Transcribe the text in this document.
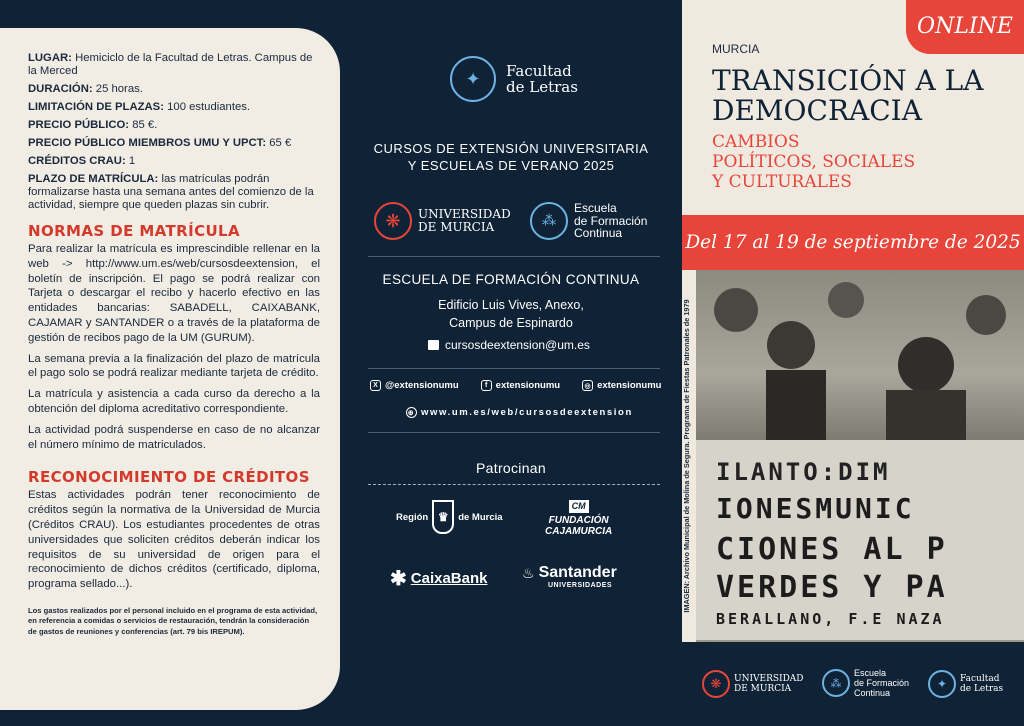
LUGAR: Hemiciclo de la Facultad de Letras. Campus de la Merced

DURACIÓN: 25 horas.

LIMITACIÓN DE PLAZAS: 100 estudiantes.

PRECIO PÚBLICO: 85 €.

PRECIO PÚBLICO MIEMBROS UMU Y UPCT: 65 €

CRÉDITOS CRAU: 1

PLAZO DE MATRÍCULA: las matrículas podrán formalizarse hasta una semana antes del comienzo de la actividad, siempre que queden plazas sin cubrir.

NORMAS DE MATRÍCULA

Para realizar la matrícula es imprescindible rellenar en la web -> http://www.um.es/web/cursosdeextension, el boletín de inscripción. El pago se podrá realizar con Tarjeta o descargar el recibo y hacerlo efectivo en las entidades bancarias: SABADELL, CAIXABANK, CAJAMAR y SANTANDER o a través de la plataforma de gestión de recibos pago de la UM (GURUM).

La semana previa a la finalización del plazo de matrícula el pago solo se podrá realizar mediante tarjeta de crédito.

La matrícula y asistencia a cada curso da derecho a la obtención del diploma acreditativo correspondiente.

La actividad podrá suspenderse en caso de no alcanzar el número mínimo de matriculados.

RECONOCIMIENTO DE CRÉDITOS

Estas actividades podrán tener reconocimiento de créditos según la normativa de la Universidad de Murcia (Créditos CRAU). Los estudiantes procedentes de otras universidades que soliciten créditos deberán indicar los requisitos de su universidad de origen para el reconocimiento de dichos créditos (certificado, diploma, programa sellado...).

Los gastos realizados por el personal incluido en el programa de esta actividad, en referencia a comidas o servicios de restauración, tendrán la consideración de gastos de reuniones y conferencias (art. 79 bis IREPUM).

✦	Facultad
de Letras
CURSOS DE EXTENSIÓN UNIVERSITARIA
Y ESCUELAS DE VERANO 2025
❋	UNIVERSIDAD
DE MURCIA	⁂
Escuela
de Formación
Continua
ESCUELA DE FORMACIÓN CONTINUA
Edificio Luis Vives, Anexo,
Campus de Espinardo
cursosdeextension@um.es
X @extensionumu	f extensionumu	◎ extensionumu
⊕ www.um.es/web/cursosdeextension
Patrocinan
Región ♛	de Murcia
CM
FUNDACIÓN
CAJAMURCIA
✱ CaixaBank ♨ Santander
UNIVERSIDADES
ONLINE
MURCIA
TRANSICIÓN A LA
DEMOCRACIA
CAMBIOS
POLÍTICOS, SOCIALES
Y CULTURALES
Del 17 al 19 de septiembre de 2025
IMAGEN: Archivo Municipal de Molina de Segura. Programa de Fiestas Patronales de 1979 ILANTO:DIM
IONESMUNIC
CIONES AL P
VERDES Y PA
BERALLANO, F.E NAZA
❋	UNIVERSIDAD
DE MURCIA	⁂
Escuela
de Formación
Continua
✦	Facultad
de Letras
